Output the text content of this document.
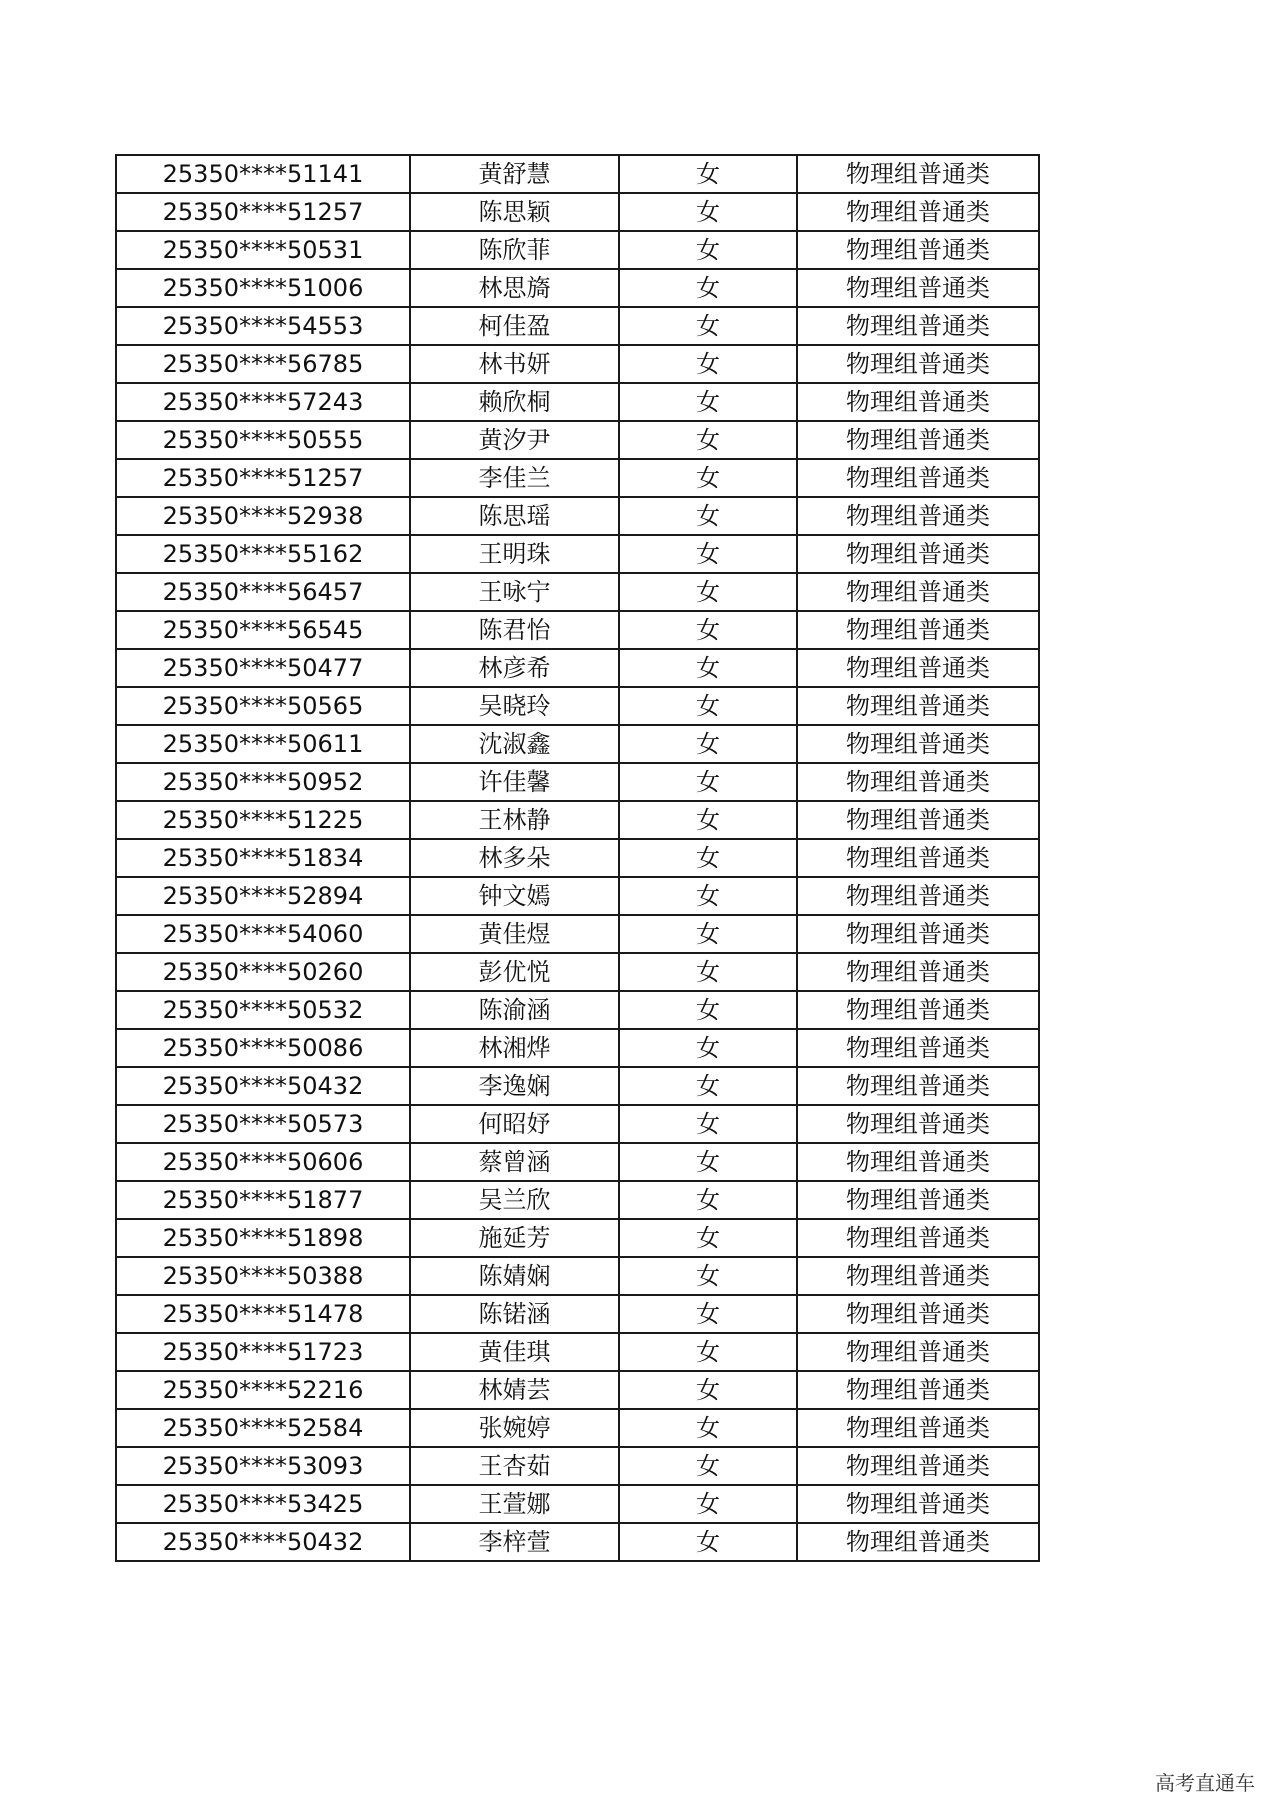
25350****51141	黄舒慧	女	物理组普通类
25350****51257	陈思颖	女	物理组普通类
25350****50531	陈欣菲	女	物理组普通类
25350****51006	林思旖	女	物理组普通类
25350****54553	柯佳盈	女	物理组普通类
25350****56785	林书妍	女	物理组普通类
25350****57243	赖欣桐	女	物理组普通类
25350****50555	黄汐尹	女	物理组普通类
25350****51257	李佳兰	女	物理组普通类
25350****52938	陈思瑶	女	物理组普通类
25350****55162	王明珠	女	物理组普通类
25350****56457	王咏宁	女	物理组普通类
25350****56545	陈君怡	女	物理组普通类
25350****50477	林彦希	女	物理组普通类
25350****50565	吴晓玲	女	物理组普通类
25350****50611	沈淑鑫	女	物理组普通类
25350****50952	许佳馨	女	物理组普通类
25350****51225	王林静	女	物理组普通类
25350****51834	林多朵	女	物理组普通类
25350****52894	钟文嫣	女	物理组普通类
25350****54060	黄佳煜	女	物理组普通类
25350****50260	彭优悦	女	物理组普通类
25350****50532	陈渝涵	女	物理组普通类
25350****50086	林湘烨	女	物理组普通类
25350****50432	李逸娴	女	物理组普通类
25350****50573	何昭妤	女	物理组普通类
25350****50606	蔡曾涵	女	物理组普通类
25350****51877	吴兰欣	女	物理组普通类
25350****51898	施延芳	女	物理组普通类
25350****50388	陈婧娴	女	物理组普通类
25350****51478	陈锘涵	女	物理组普通类
25350****51723	黄佳琪	女	物理组普通类
25350****52216	林婧芸	女	物理组普通类
25350****52584	张婉婷	女	物理组普通类
25350****53093	王杏茹	女	物理组普通类
25350****53425	王萱娜	女	物理组普通类
25350****50432	李梓萱	女	物理组普通类
高考直通车
